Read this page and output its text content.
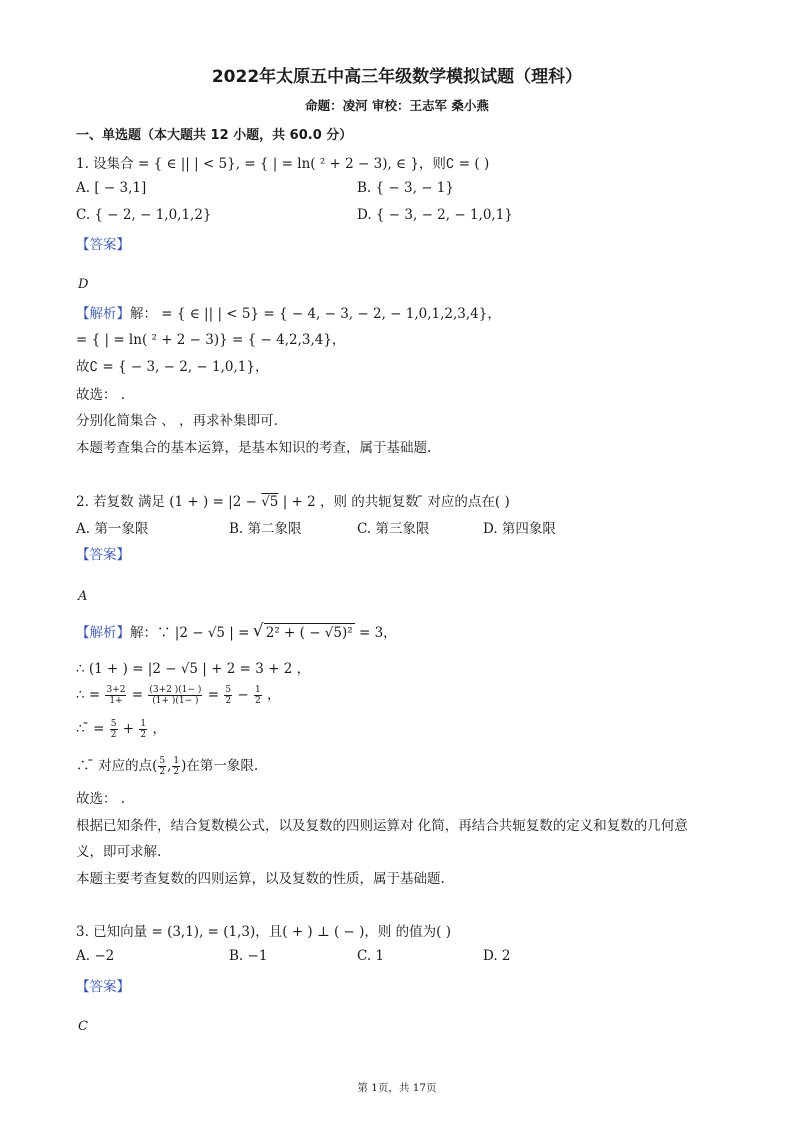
2022年太原五中高三年级数学模拟试题（理科）
命题：凌河 审校：王志军 桑小燕
一、单选题（本大题共 12 小题，共 60.0 分）
1. 设集合 = { ∈ || | < 5}, = { | = ln( ² + 2 − 3), ∈ }，则∁ = ( )
A. [ − 3,1]	B. { − 3, − 1}
C. { − 2, − 1,0,1,2}	D. { − 3, − 2, − 1,0,1}
【答案】
D
【解析】解： = { ∈ || | < 5} = { − 4, − 3, − 2, − 1,0,1,2,3,4}，
= { | = ln( ² + 2 − 3)} = { − 4,2,3,4}，
故∁ = { − 3, − 2, − 1,0,1}，
故选： .
分别化简集合 、 ，再求补集即可.
本题考查集合的基本运算，是基本知识的考查，属于基础题.
2. 若复数 满足 (1 + ) = |2 − √5 | + 2 ，则 的共轭复数 ̄ 对应的点在( )
A. 第一象限	B. 第二象限	C. 第三象限	D. 第四象限
【答案】
A
【解析】解：∵ |2 − √5 | = √ 2² + ( − √5)² = 3，
∴ (1 + ) = |2 − √5 | + 2 = 3 + 2 ，
∴ = $\frac{3+2}{1+} = \frac{(3+2 )(1- )}{(1+ )(1- )} = \frac{5}{2} - \frac{1}{2}$ ，
∴ ̄ = $\frac{5}{2} + \frac{1}{2}$ ，
∴ ̄ 对应的点( $\frac{5}{2}$ , $\frac{1}{2}$ )在第一象限.
故选： .
根据已知条件，结合复数模公式，以及复数的四则运算对 化简，再结合共轭复数的定义和复数的几何意
义，即可求解.
本题主要考查复数的四则运算，以及复数的性质，属于基础题.
3. 已知向量 = (3,1), = (1,3)，且( + ) ⊥ ( − )，则 的值为( )
A. −2	B. −1	C. 1	D. 2
【答案】
C
第 1页，共 17页
